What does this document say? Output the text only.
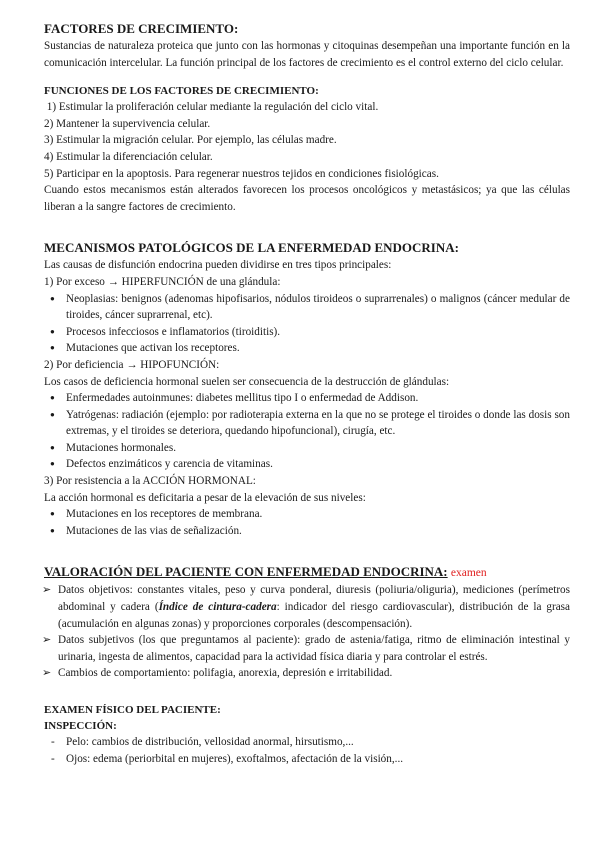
FACTORES DE CRECIMIENTO:

Sustancias de naturaleza proteica que junto con las hormonas y citoquinas desempeñan una importante función en la comunicación intercelular. La función principal de los factores de crecimiento es el control externo del ciclo celular.

FUNCIONES DE LOS FACTORES DE CRECIMIENTO:

1) Estimular la proliferación celular mediante la regulación del ciclo vital.

2) Mantener la supervivencia celular.

3) Estimular la migración celular. Por ejemplo, las células madre.

4) Estimular la diferenciación celular.

5) Participar en la apoptosis. Para regenerar nuestros tejidos en condiciones fisiológicas.

Cuando estos mecanismos están alterados favorecen los procesos oncológicos y metastásicos; ya que las células liberan a la sangre factores de crecimiento.

MECANISMOS PATOLÓGICOS DE LA ENFERMEDAD ENDOCRINA:

Las causas de disfunción endocrina pueden dividirse en tres tipos principales:

1) Por exceso → HIPERFUNCIÓN de una glándula:

● Neoplasias: benignos (adenomas hipofisarios, nódulos tiroideos o suprarrenales) o malignos (cáncer medular de tiroides, cáncer suprarrenal, etc).
● Procesos infecciosos e inflamatorios (tiroiditis).
● Mutaciones que activan los receptores.

2) Por deficiencia → HIPOFUNCIÓN:

Los casos de deficiencia hormonal suelen ser consecuencia de la destrucción de glándulas:

● Enfermedades autoinmunes: diabetes mellitus tipo I o enfermedad de Addison.
● Yatrógenas: radiación (ejemplo: por radioterapia externa en la que no se protege el tiroides o donde las dosis son extremas, y el tiroides se deteriora, quedando hipofuncional), cirugía, etc.
● Mutaciones hormonales.
● Defectos enzimáticos y carencia de vitaminas.

3) Por resistencia a la ACCIÓN HORMONAL:

La acción hormonal es deficitaria a pesar de la elevación de sus niveles:

● Mutaciones en los receptores de membrana.
● Mutaciones de las vias de señalización.
VALORACIÓN DEL PACIENTE CON ENFERMEDAD ENDOCRINA: examen
➢ Datos objetivos: constantes vitales, peso y curva ponderal, diuresis (poliuria/oliguria), mediciones (perímetros abdominal y cadera (Índice de cintura-cadera: indicador del riesgo cardiovascular), distribución de la grasa (acumulación en algunas zonas) y proporciones corporales (descompensación).
➢ Datos subjetivos (los que preguntamos al paciente): grado de astenia/fatiga, ritmo de eliminación intestinal y urinaria, ingesta de alimentos, capacidad para la actividad física diaria y para controlar el estrés.
➢ Cambios de comportamiento: polifagia, anorexia, depresión e irritabilidad.
EXAMEN FÍSICO DEL PACIENTE:
INSPECCIÓN:
- Pelo: cambios de distribución, vellosidad anormal, hirsutismo,...
- Ojos: edema (periorbital en mujeres), exoftalmos, afectación de la visión,...
